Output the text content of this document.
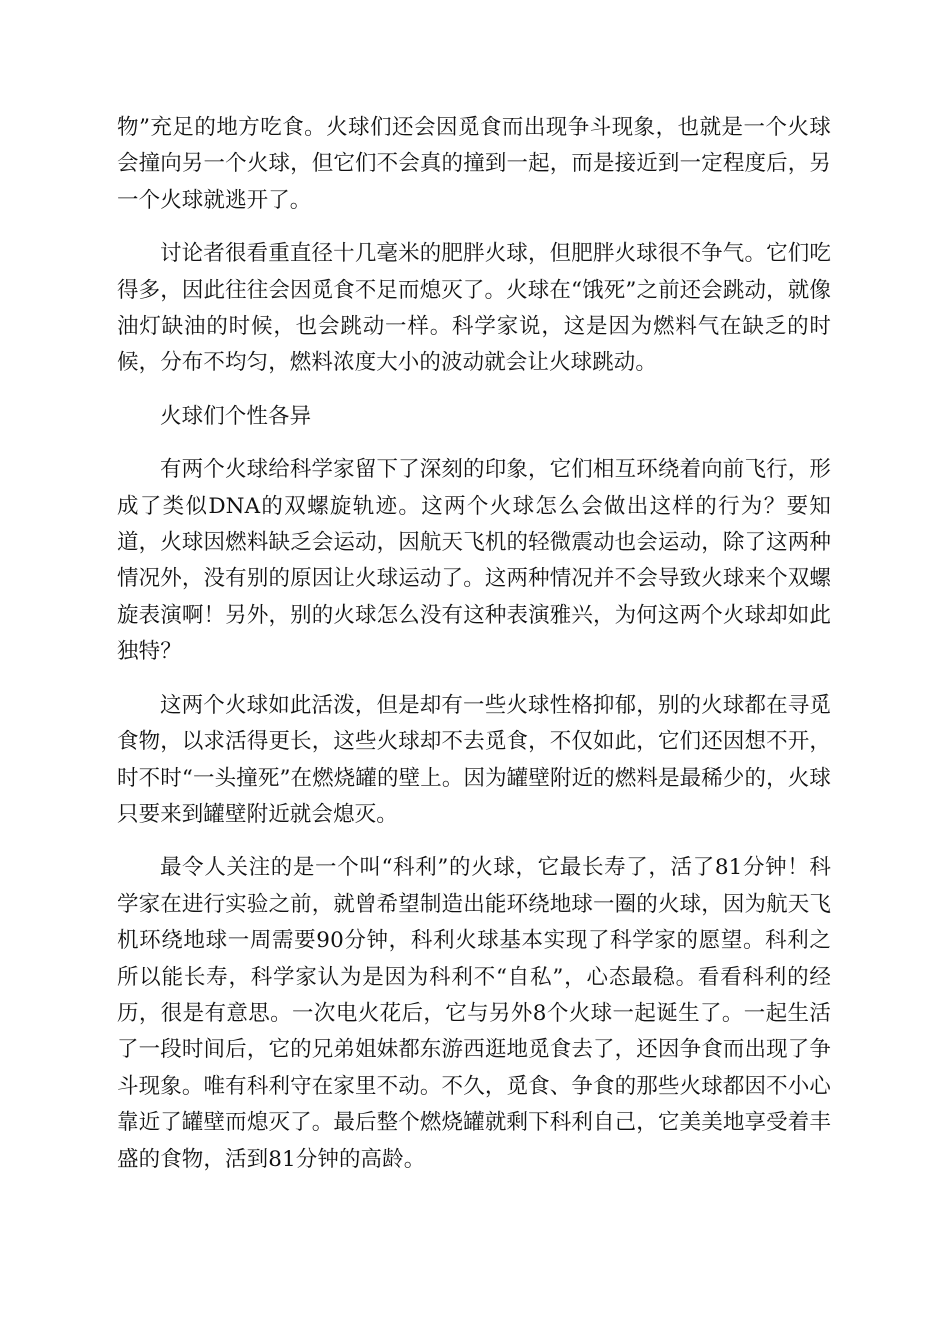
物”充足的地方吃食。火球们还会因觅食而出现争斗现象，也就是一个火球会撞向另一个火球，但它们不会真的撞到一起，而是接近到一定程度后，另一个火球就逃开了。

讨论者很看重直径十几毫米的肥胖火球，但肥胖火球很不争气。它们吃得多，因此往往会因觅食不足而熄灭了。火球在“饿死”之前还会跳动，就像油灯缺油的时候，也会跳动一样。科学家说，这是因为燃料气在缺乏的时候，分布不均匀，燃料浓度大小的波动就会让火球跳动。

火球们个性各异

有两个火球给科学家留下了深刻的印象，它们相互环绕着向前飞行，形成了类似DNA的双螺旋轨迹。这两个火球怎么会做出这样的行为？要知道，火球因燃料缺乏会运动，因航天飞机的轻微震动也会运动，除了这两种情况外，没有别的原因让火球运动了。这两种情况并不会导致火球来个双螺旋表演啊！另外，别的火球怎么没有这种表演雅兴，为何这两个火球却如此独特？

这两个火球如此活泼，但是却有一些火球性格抑郁，别的火球都在寻觅食物，以求活得更长，这些火球却不去觅食，不仅如此，它们还因想不开，时不时“一头撞死”在燃烧罐的壁上。因为罐壁附近的燃料是最稀少的，火球只要来到罐壁附近就会熄灭。

最令人关注的是一个叫“科利”的火球，它最长寿了，活了81分钟！科学家在进行实验之前，就曾希望制造出能环绕地球一圈的火球，因为航天飞机环绕地球一周需要90分钟，科利火球基本实现了科学家的愿望。科利之所以能长寿，科学家认为是因为科利不“自私”，心态最稳。看看科利的经历，很是有意思。一次电火花后，它与另外8个火球一起诞生了。一起生活了一段时间后，它的兄弟姐妹都东游西逛地觅食去了，还因争食而出现了争斗现象。唯有科利守在家里不动。不久，觅食、争食的那些火球都因不小心靠近了罐壁而熄灭了。最后整个燃烧罐就剩下科利自己，它美美地享受着丰盛的食物，活到81分钟的高龄。
